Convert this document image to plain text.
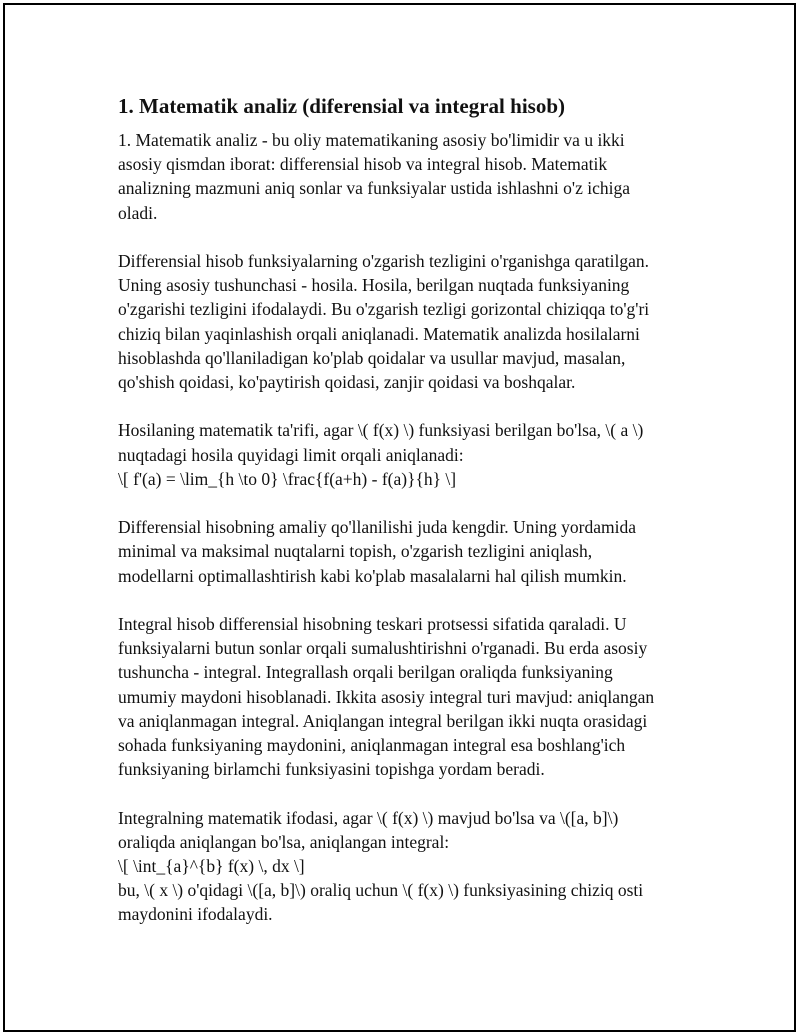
1. Matematik analiz (diferensial va integral hisob)
1. Matematik analiz - bu oliy matematikaning asosiy bo'limidir va u ikki
asosiy qismdan iborat: differensial hisob va integral hisob. Matematik
analizning mazmuni aniq sonlar va funksiyalar ustida ishlashni o'z ichiga
oladi.
Differensial hisob funksiyalarning o'zgarish tezligini o'rganishga qaratilgan.
Uning asosiy tushunchasi - hosila. Hosila, berilgan nuqtada funksiyaning
o'zgarishi tezligini ifodalaydi. Bu o'zgarish tezligi gorizontal chiziqqa to'g'ri
chiziq bilan yaqinlashish orqali aniqlanadi. Matematik analizda hosilalarni
hisoblashda qo'llaniladigan ko'plab qoidalar va usullar mavjud, masalan,
qo'shish qoidasi, ko'paytirish qoidasi, zanjir qoidasi va boshqalar.
Hosilaning matematik ta'rifi, agar \( f(x) \) funksiyasi berilgan bo'lsa, \( a \)
nuqtadagi hosila quyidagi limit orqali aniqlanadi:
\[ f'(a) = \lim_{h \to 0} \frac{f(a+h) - f(a)}{h} \]
Differensial hisobning amaliy qo'llanilishi juda kengdir. Uning yordamida
minimal va maksimal nuqtalarni topish, o'zgarish tezligini aniqlash,
modellarni optimallashtirish kabi ko'plab masalalarni hal qilish mumkin.
Integral hisob differensial hisobning teskari protsessi sifatida qaraladi. U
funksiyalarni butun sonlar orqali sumalushtirishni o'rganadi. Bu erda asosiy
tushuncha - integral. Integrallash orqali berilgan oraliqda funksiyaning
umumiy maydoni hisoblanadi. Ikkita asosiy integral turi mavjud: aniqlangan
va aniqlanmagan integral. Aniqlangan integral berilgan ikki nuqta orasidagi
sohada funksiyaning maydonini, aniqlanmagan integral esa boshlang'ich
funksiyaning birlamchi funksiyasini topishga yordam beradi.
Integralning matematik ifodasi, agar \( f(x) \) mavjud bo'lsa va \([a, b]\)
oraliqda aniqlangan bo'lsa, aniqlangan integral:
\[ \int_{a}^{b} f(x) \, dx \]
bu, \( x \) o'qidagi \([a, b]\) oraliq uchun \( f(x) \) funksiyasining chiziq osti
maydonini ifodalaydi.
